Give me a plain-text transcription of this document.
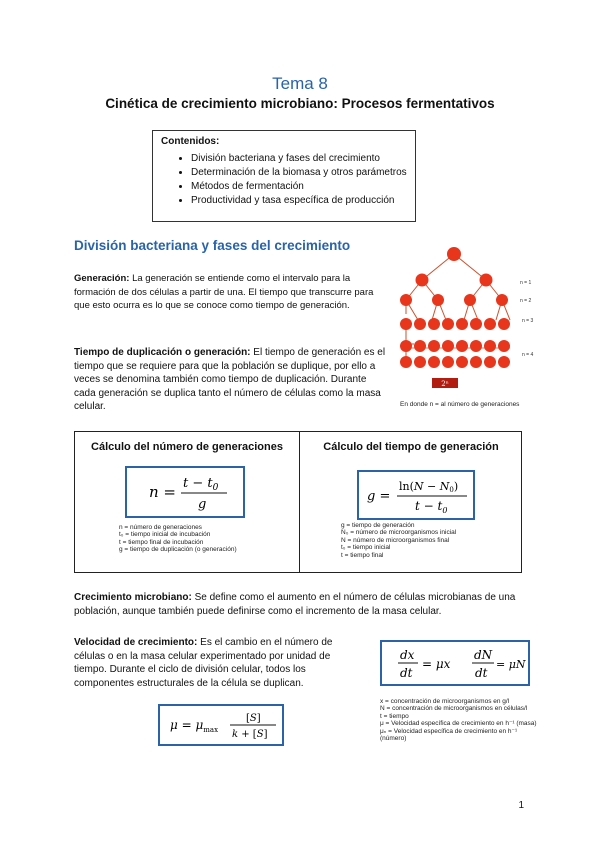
Tema 8
Cinética de crecimiento microbiano: Procesos fermentativos
Contenidos:
• División bacteriana y fases del crecimiento
• Determinación de la biomasa y otros parámetros
• Métodos de fermentación
• Productividad y tasa específica de producción
División bacteriana y fases del crecimiento
Generación: La generación se entiende como el intervalo para la formación de dos células a partir de una. El tiempo que transcurre para que esto ocurra es lo que se conoce como tiempo de generación.
Tiempo de duplicación o generación: El tiempo de generación es el tiempo que se requiere para que la población se duplique, por ello a veces se denomina también como tiempo de duplicación. Durante cada generación se duplica tanto el número de células como la masa celular.
n = 1
n = 2
n = 3
n = 4
2ⁿ
En donde n = al número de generaciones
Cálculo del número de generaciones
$n = t - t_0$
g
n = número de generaciones
t₀ = tiempo inicial de incubación
t = tiempo final de incubación
g = tiempo de duplicación (o generación)
Cálculo del tiempo de generación
g =
ln(N − N0)
$t - t_0$
g = tiempo de generación
N₀ = número de microorganismos inicial
N = número de microorganismos final
t₀ = tiempo inicial
t = tiempo final
Crecimiento microbiano: Se define como el aumento en el número de células microbianas de una población, aunque también puede definirse como el incremento de la masa celular.
Velocidad de crecimiento: Es el cambio en el número de células o en la masa celular experimentado por unidad de tiempo. Durante el ciclo de división celular, todos los componentes estructurales de la célula se duplican.
$\mu = \mu_{max}$
[S]
k + [S]
dx
dt
= μx
dN
dt
= μN
x = concentración de microorganismos en g/l
N = concentración de microorganismos en células/l
t = tiempo
μ = Velocidad específica de crecimiento en h⁻¹ (masa)
μₙ = Velocidad específica de crecimiento en h⁻¹ (número)
1
